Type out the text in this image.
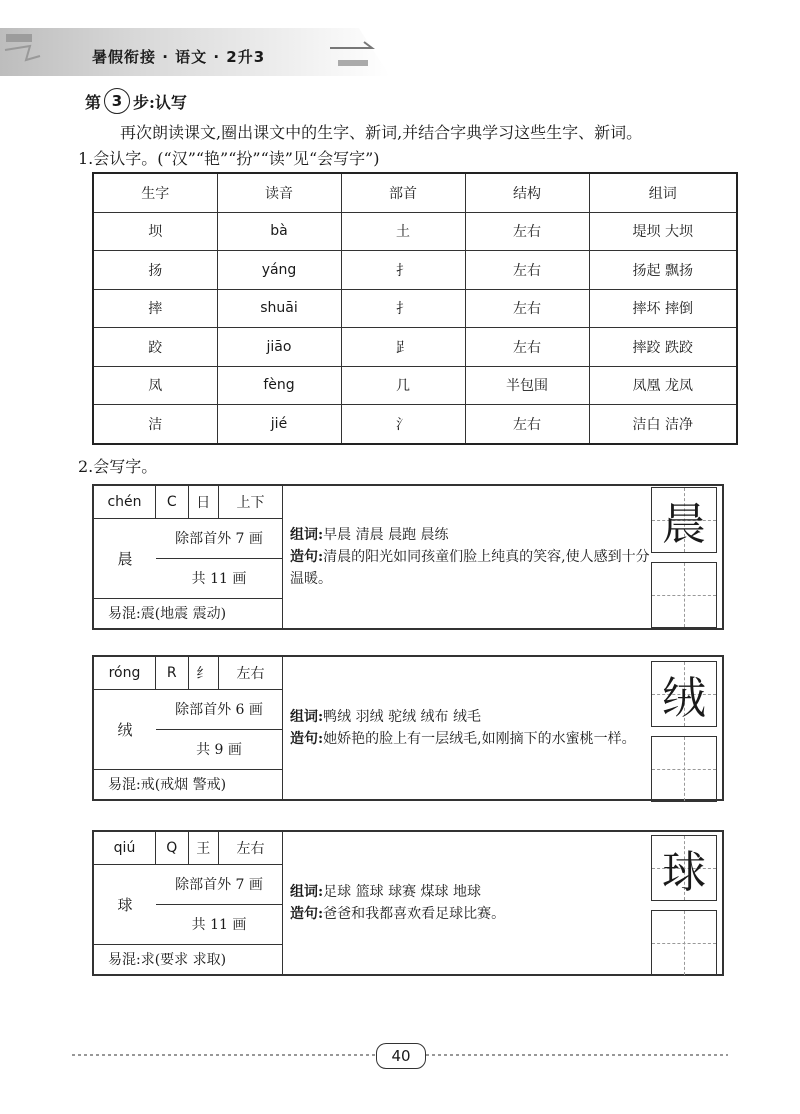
暑假衔接 · 语文 · 2升3
第 3 步:认写
再次朗读课文,圈出课文中的生字、新词,并结合字典学习这些生字、新词。
1.会认字。(“汉”“艳”“扮”“读”见“会写字”)
生字	读音	部首	结构	组词
坝	bà	土	左右	堤坝 大坝
扬	yáng	扌	左右	扬起 飘扬
摔	shuāi	扌	左右	摔坏 摔倒
跤	jiāo	𧾷	左右	摔跤 跌跤
凤	fèng	几	半包围	凤凰 龙凤
洁	jié	氵	左右	洁白 洁净
2.会写字。
chén	C	日	上下
晨
除部首外 7 画
共 11 画
易混:震(地震 震动)
组词:早晨 清晨 晨跑 晨练
造句:清晨的阳光如同孩童们脸上纯真的笑容,使人感到十分温暖。
晨
róng	R	纟	左右
绒
除部首外 6 画
共 9 画
易混:戒(戒烟 警戒)
组词:鸭绒 羽绒 驼绒 绒布 绒毛
造句:她娇艳的脸上有一层绒毛,如刚摘下的水蜜桃一样。
绒
qiú	Q	王	左右
球
除部首外 7 画
共 11 画
易混:求(要求 求取)
组词:足球 篮球 球赛 煤球 地球
造句:爸爸和我都喜欢看足球比赛。
球
40
